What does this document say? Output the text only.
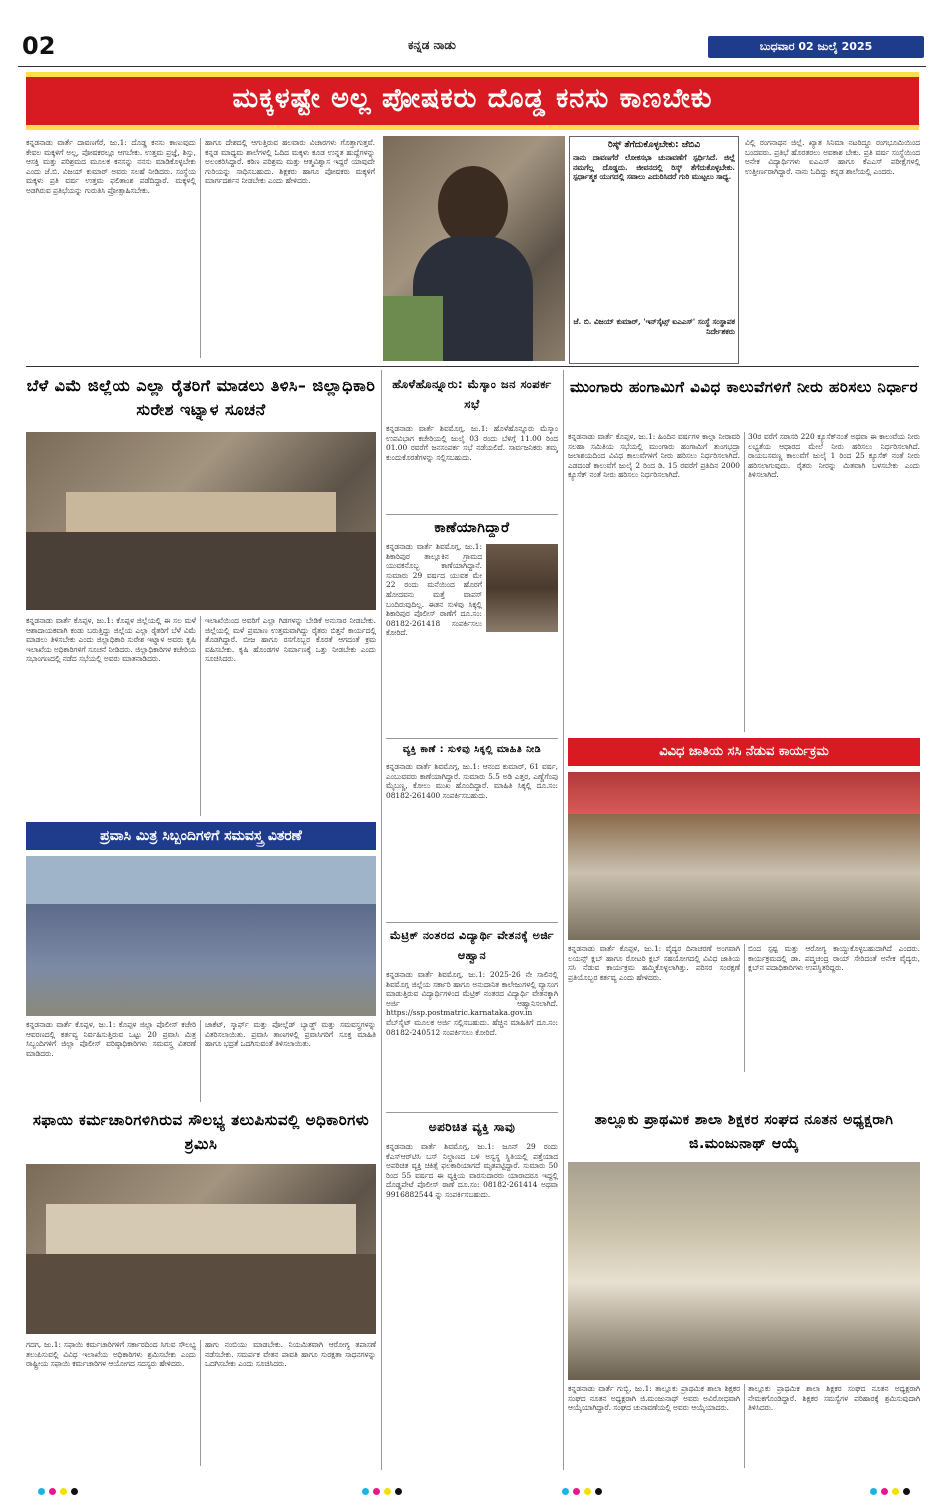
02	ಕನ್ನಡ ನಾಡು	ಬುಧವಾರ 02 ಜುಲೈ 2025
ಮಕ್ಕಳಷ್ಟೇ ಅಲ್ಲ ಪೋಷಕರು ದೊಡ್ಡ ಕನಸು ಕಾಣಬೇಕು
ಕನ್ನಡನಾಡು ವಾರ್ತೆ ದಾವಣಗೆರೆ, ಜು.1: ದೊಡ್ಡ ಕನಸು ಕಾಣುವುದು ಕೇವಲ ಮಕ್ಕಳಿಗೆ ಅಲ್ಲ, ಪೋಷಕರಲ್ಲೂ ಆಗಬೇಕು. ಉತ್ತಮ ಪ್ರಜ್ಞೆ, ಶಿಸ್ತು, ಆಸಕ್ತಿ ಮತ್ತು ಪರಿಶ್ರಮದ ಮೂಲಕ ಕನಸನ್ನು ನನಸು ಮಾಡಿಕೊಳ್ಳಬೇಕು ಎಂದು ಜೆ.ಬಿ. ವಿಜಯ್ ಕುಮಾರ್ ಅವರು ಸಲಹೆ ನೀಡಿದರು. ಸಂಸ್ಥೆಯ ಮಕ್ಕಳು ಪ್ರತಿ ವರ್ಷ ಉತ್ತಮ ಫಲಿತಾಂಶ ಪಡೆದಿದ್ದಾರೆ. ಮಕ್ಕಳಲ್ಲಿ ಅಡಗಿರುವ ಪ್ರತಿಭೆಯನ್ನು ಗುರುತಿಸಿ ಪ್ರೋತ್ಸಾಹಿಸಬೇಕು.
ಹಾಗೂ ದೇಶದಲ್ಲಿ ಆಗುತ್ತಿರುವ ಹಲವಾರು ವಿಚಾರಗಳು ಗೊತ್ತಾಗುತ್ತವೆ. ಕನ್ನಡ ಮಾಧ್ಯಮ ಶಾಲೆಗಳಲ್ಲಿ ಓದಿದ ಮಕ್ಕಳು ಕೂಡ ಉನ್ನತ ಹುದ್ದೆಗಳನ್ನು ಅಲಂಕರಿಸಿದ್ದಾರೆ. ಕಠಿಣ ಪರಿಶ್ರಮ ಮತ್ತು ಆತ್ಮವಿಶ್ವಾಸ ಇದ್ದರೆ ಯಾವುದೇ ಗುರಿಯನ್ನು ಸಾಧಿಸಬಹುದು. ಶಿಕ್ಷಕರು ಹಾಗೂ ಪೋಷಕರು ಮಕ್ಕಳಿಗೆ ಮಾರ್ಗದರ್ಶನ ನೀಡಬೇಕು ಎಂದು ಹೇಳಿದರು.
ರಿಸ್ಕ್ ತೆಗೆದುಕೊಳ್ಳಬೇಕು: ಜೆಬಿವಿ
ನಾನು ದಾವಣಗೆರೆ ಲೋಕಸಭಾ ಚುನಾವಣೆಗೆ ಸ್ಪರ್ಧಿಸಿದೆ. ಜಿಲ್ಲೆ ನಮಗೆಲ್ಲ ದೊಡ್ಡದು. ಜೀವನದಲ್ಲಿ ರಿಸ್ಕ್ ತೆಗೆದುಕೊಳ್ಳಬೇಕು. ಸ್ಪರ್ಧಾತ್ಮಕ ಯುಗದಲ್ಲಿ ಸವಾಲು ಎದುರಿಸಿದರೆ ಗುರಿ ಮುಟ್ಟಲು ಸಾಧ್ಯ.
ಜೆ. ಬಿ. ವಿಜಯ್ ಕುಮಾರ್, 'ಇನ್‌ಸೈಟ್ಸ್ ಐಎಎಸ್' ಸಂಸ್ಥೆ ಸಂಸ್ಥಾಪಕ ನಿರ್ದೇಶಕರು
ವಿಲ್ಲಿ ರಂಗನಾಥನ ಜಿಲ್ಲೆ. ಖ್ಯಾತ ಸಿನಿಮಾ ನಟರಿದ್ದೂ ರಂಗಭೂಮಿಯಿಂದ ಬಂದವರು. ಪ್ರತಿಭೆ ಹೊರತರಲು ಅವಕಾಶ ಬೇಕು. ಪ್ರತಿ ವರ್ಷ ಸಂಸ್ಥೆಯಿಂದ ಅನೇಕ ವಿದ್ಯಾರ್ಥಿಗಳು ಐಎಎಸ್ ಹಾಗೂ ಕೆಎಎಸ್ ಪರೀಕ್ಷೆಗಳಲ್ಲಿ ಉತ್ತೀರ್ಣರಾಗಿದ್ದಾರೆ. ನಾನು ಓದಿದ್ದು ಕನ್ನಡ ಶಾಲೆಯಲ್ಲಿ ಎಂದರು.
ಬೆಳೆ ವಿಮೆ ಜಿಲ್ಲೆಯ ಎಲ್ಲಾ ರೈತರಿಗೆ ಮಾಡಲು ತಿಳಿಸಿ– ಜಿಲ್ಲಾಧಿಕಾರಿ ಸುರೇಶ ಇಟ್ನಾಳ ಸೂಚನೆ
ಕನ್ನಡನಾಡು ವಾರ್ತೆ ಕೊಪ್ಪಳ, ಜು.1: ಕೊಪ್ಪಳ ಜಿಲ್ಲೆಯಲ್ಲಿ ಈ ಸಲ ಮಳೆ ಆಶಾದಾಯಕವಾಗಿ ಕಂಡು ಬರುತ್ತಿದ್ದು ಜಿಲ್ಲೆಯ ಎಲ್ಲಾ ರೈತರಿಗೆ ಬೆಳೆ ವಿಮೆ ಮಾಡಲು ತಿಳಿಸಬೇಕು ಎಂದು ಜಿಲ್ಲಾಧಿಕಾರಿ ಸುರೇಶ ಇಟ್ನಾಳ ಅವರು ಕೃಷಿ ಇಲಾಖೆಯ ಅಧಿಕಾರಿಗಳಿಗೆ ಸೂಚನೆ ನೀಡಿದರು. ಜಿಲ್ಲಾಧಿಕಾರಿಗಳ ಕಚೇರಿಯ ಸಭಾಂಗಣದಲ್ಲಿ ನಡೆದ ಸಭೆಯಲ್ಲಿ ಅವರು ಮಾತನಾಡಿದರು.
ಇಲಾಖೆಯಿಂದ ಅವರಿಗೆ ಎಲ್ಲಾ ಗಿಡಗಳನ್ನು ಬೇಡಿಕೆ ಅನುಸಾರ ನೀಡಬೇಕು. ಜಿಲ್ಲೆಯಲ್ಲಿ ಮಳೆ ಪ್ರಮಾಣ ಉತ್ತಮವಾಗಿದ್ದು ರೈತರು ಬಿತ್ತನೆ ಕಾರ್ಯದಲ್ಲಿ ತೊಡಗಿದ್ದಾರೆ. ಬೀಜ ಹಾಗೂ ರಸಗೊಬ್ಬರ ಕೊರತೆ ಆಗದಂತೆ ಕ್ರಮ ವಹಿಸಬೇಕು. ಕೃಷಿ ಹೊಂಡಗಳ ನಿರ್ಮಾಣಕ್ಕೆ ಒತ್ತು ನೀಡಬೇಕು ಎಂದು ಸೂಚಿಸಿದರು.
ಪ್ರವಾಸಿ ಮಿತ್ರ ಸಿಬ್ಬಂದಿಗಳಿಗೆ ಸಮವಸ್ತ್ರ ವಿತರಣೆ
ಕನ್ನಡನಾಡು ವಾರ್ತೆ ಕೊಪ್ಪಳ, ಜು.1: ಕೊಪ್ಪಳ ಜಿಲ್ಲಾ ಪೊಲೀಸ್ ಕಚೇರಿ ಆವರಣದಲ್ಲಿ ಕರ್ತವ್ಯ ನಿರ್ವಹಿಸುತ್ತಿರುವ ಒಟ್ಟು 20 ಪ್ರವಾಸಿ ಮಿತ್ರ ಸಿಬ್ಬಂದಿಗಳಿಗೆ ಜಿಲ್ಲಾ ಪೊಲೀಸ್ ವರಿಷ್ಠಾಧಿಕಾರಿಗಳು ಸಮವಸ್ತ್ರ ವಿತರಣೆ ಮಾಡಿದರು.
ಜಾಕೆಟ್, ಸ್ಕಾರ್ಫ್ ಮತ್ತು ಪೋಲ್ಲೆಡ್ ಬ್ಯಾಡ್ಜ್ ಮತ್ತು ಸಮವಸ್ತ್ರಗಳನ್ನು ವಿತರಿಸಲಾಯಿತು. ಪ್ರವಾಸಿ ತಾಣಗಳಲ್ಲಿ ಪ್ರವಾಸಿಗರಿಗೆ ಸೂಕ್ತ ಮಾಹಿತಿ ಹಾಗೂ ಭದ್ರತೆ ಒದಗಿಸುವಂತೆ ತಿಳಿಸಲಾಯಿತು.
ಸಫಾಯಿ ಕರ್ಮಚಾರಿಗಳಿಗಿರುವ ಸೌಲಭ್ಯ ತಲುಪಿಸುವಲ್ಲಿ ಅಧಿಕಾರಿಗಳು ಶ್ರಮಿಸಿ
ಗದಗ, ಜು.1: ಸಫಾಯಿ ಕರ್ಮಚಾರಿಗಳಿಗೆ ಸರ್ಕಾರದಿಂದ ಸಿಗುವ ಸೌಲಭ್ಯ ತಲುಪಿಸುವಲ್ಲಿ ವಿವಿಧ ಇಲಾಖೆಯ ಅಧಿಕಾರಿಗಳು ಶ್ರಮಿಸಬೇಕು ಎಂದು ರಾಷ್ಟ್ರೀಯ ಸಫಾಯಿ ಕರ್ಮಚಾರಿಗಳ ಆಯೋಗದ ಸದಸ್ಯರು ಹೇಳಿದರು.
ಹಾಗು ನಂಬಿಯು ಮಾಡಬೇಕು. ನಿಯಮಿತವಾಗಿ ಆರೋಗ್ಯ ತಪಾಸಣೆ ನಡೆಸಬೇಕು. ಸಮರ್ಪಕ ವೇತನ ಪಾವತಿ ಹಾಗೂ ಸುರಕ್ಷತಾ ಸಾಧನಗಳನ್ನು ಒದಗಿಸಬೇಕು ಎಂದು ಸೂಚಿಸಿದರು.
ಹೊಳೆಹೊನ್ನೂರು: ಮೆಸ್ಕಾಂ ಜನ ಸಂಪರ್ಕ ಸಭೆ
ಕನ್ನಡನಾಡು ವಾರ್ತೆ ಶಿವಮೊಗ್ಗ, ಜು.1: ಹೊಳೆಹೊನ್ನೂರು ಮೆಸ್ಕಾಂ ಉಪವಿಭಾಗ ಕಚೇರಿಯಲ್ಲಿ ಜುಲೈ 03 ರಂದು ಬೆಳಿಗ್ಗೆ 11.00 ರಿಂದ 01.00 ರವರೆಗೆ ಜನಸಂಪರ್ಕ ಸಭೆ ನಡೆಯಲಿದೆ. ಸಾರ್ವಜನಿಕರು ತಮ್ಮ ಕುಂದುಕೊರತೆಗಳನ್ನು ಸಲ್ಲಿಸಬಹುದು.
ಕಾಣೆಯಾಗಿದ್ದಾರೆ
ಕನ್ನಡನಾಡು ವಾರ್ತೆ ಶಿವಮೊಗ್ಗ, ಜು.1: ಶಿಕಾರಿಪುರ ತಾಲ್ಲೂಕಿನ ಗ್ರಾಮದ ಯುವಕನೊಬ್ಬ ಕಾಣೆಯಾಗಿದ್ದಾನೆ. ಸುಮಾರು 29 ವರ್ಷದ ಯುವಕ ಮೇ 22 ರಂದು ಮನೆಯಿಂದ ಹೊರಗೆ ಹೋದವನು ಮತ್ತೆ ವಾಪಸ್ ಬಂದಿರುವುದಿಲ್ಲ. ಈತನ ಸುಳಿವು ಸಿಕ್ಕಲ್ಲಿ ಶಿಕಾರಿಪುರ ಪೊಲೀಸ್ ಠಾಣೆಗೆ ದೂ.ಸಂ: 08182-261418 ಸಂಪರ್ಕಿಸಲು ಕೋರಿದೆ.
ವ್ಯಕ್ತಿ ಕಾಣೆ : ಸುಳಿವು ಸಿಕ್ಕಲ್ಲಿ ಮಾಹಿತಿ ನೀಡಿ
ಕನ್ನಡನಾಡು ವಾರ್ತೆ ಶಿವಮೊಗ್ಗ, ಜು.1: ಆನಂದ ಕುಮಾರ್, 61 ವರ್ಷ, ಎಂಬುವವರು ಕಾಣೆಯಾಗಿದ್ದಾರೆ. ಸುಮಾರು 5.5 ಅಡಿ ಎತ್ತರ, ಎಣ್ಣೆಗೆಂಪು ಮೈಬಣ್ಣ, ಕೋಲು ಮುಖ ಹೊಂದಿದ್ದಾರೆ. ಮಾಹಿತಿ ಸಿಕ್ಕಲ್ಲಿ ದೂ.ಸಂ: 08182-261400 ಸಂಪರ್ಕಿಸಬಹುದು.
ಮೆಟ್ರಿಕ್ ನಂತರದ ವಿದ್ಯಾರ್ಥಿ ವೇತನಕ್ಕೆ ಅರ್ಜಿ ಆಹ್ವಾನ
ಕನ್ನಡನಾಡು ವಾರ್ತೆ ಶಿವಮೊಗ್ಗ, ಜು.1: 2025-26 ನೇ ಸಾಲಿನಲ್ಲಿ ಶಿವಮೊಗ್ಗ ಜಿಲ್ಲೆಯ ಸರ್ಕಾರಿ ಹಾಗೂ ಅನುದಾನಿತ ಕಾಲೇಜುಗಳಲ್ಲಿ ವ್ಯಾಸಂಗ ಮಾಡುತ್ತಿರುವ ವಿದ್ಯಾರ್ಥಿಗಳಿಂದ ಮೆಟ್ರಿಕ್ ನಂತರದ ವಿದ್ಯಾರ್ಥಿ ವೇತನಕ್ಕಾಗಿ ಅರ್ಜಿ ಆಹ್ವಾನಿಸಲಾಗಿದೆ. https://ssp.postmatric.karnataka.gov.in ವೆಬ್‌ಸೈಟ್ ಮೂಲಕ ಅರ್ಜಿ ಸಲ್ಲಿಸಬಹುದು. ಹೆಚ್ಚಿನ ಮಾಹಿತಿಗೆ ದೂ.ಸಂ: 08182-240512 ಸಂಪರ್ಕಿಸಲು ಕೋರಿದೆ.
ಅಪರಿಚಿತ ವ್ಯಕ್ತಿ ಸಾವು
ಕನ್ನಡನಾಡು ವಾರ್ತೆ ಶಿವಮೊಗ್ಗ, ಜು.1: ಜೂನ್ 29 ರಂದು ಕೆಎಸ್‌ಆರ್‌ಟಿಸಿ ಬಸ್ ನಿಲ್ದಾಣದ ಬಳಿ ಅಸ್ವಸ್ಥ ಸ್ಥಿತಿಯಲ್ಲಿ ಪತ್ತೆಯಾದ ಅಪರಿಚಿತ ವ್ಯಕ್ತಿ ಚಿಕಿತ್ಸೆ ಫಲಕಾರಿಯಾಗದೆ ಮೃತಪಟ್ಟಿದ್ದಾರೆ. ಸುಮಾರು 50 ರಿಂದ 55 ವರ್ಷದ ಈ ವ್ಯಕ್ತಿಯ ವಾರಸುದಾರರು ಯಾರಾದರೂ ಇದ್ದಲ್ಲಿ ದೊಡ್ಡಪೇಟೆ ಪೊಲೀಸ್ ಠಾಣೆ ದೂ.ಸಂ: 08182-261414 ಅಥವಾ 9916882544 ನ್ನು ಸಂಪರ್ಕಿಸಬಹುದು.
ಮುಂಗಾರು ಹಂಗಾಮಿಗೆ ವಿವಿಧ ಕಾಲುವೆಗಳಿಗೆ ನೀರು ಹರಿಸಲು ನಿರ್ಧಾರ
ಕನ್ನಡನಾಡು ವಾರ್ತೆ ಕೊಪ್ಪಳ, ಜು.1: ಹಿಂದಿನ ವರ್ಷಗಳ ಕಾಲ್ಗಾ ನೀರಾವರಿ ಸಲಹಾ ಸಮಿತಿಯ ಸಭೆಯಲ್ಲಿ ಮುಂಗಾರು ಹಂಗಾಮಿಗೆ ತುಂಗಭದ್ರಾ ಜಲಾಶಯದಿಂದ ವಿವಿಧ ಕಾಲುವೆಗಳಿಗೆ ನೀರು ಹರಿಸಲು ನಿರ್ಧರಿಸಲಾಗಿದೆ. ಎಡದಂಡೆ ಕಾಲುವೆಗೆ ಜುಲೈ 2 ರಿಂದ ಡಿ. 15 ರವರೆಗೆ ಪ್ರತಿದಿನ 2000 ಕ್ಯೂಸೆಕ್ ನಂತೆ ನೀರು ಹರಿಸಲು ನಿರ್ಧರಿಸಲಾಗಿದೆ.
30ರ ವರೆಗೆ ಸರಾಸರಿ 220 ಕ್ಯೂಸೆಕ್‌ನಂತೆ ಅಥವಾ ಈ ಕಾಲುವೆಯ ನೀರು ಲಭ್ಯತೆಯ ಆಧಾರದ ಮೇಲೆ ನೀರು ಹರಿಸಲು ನಿರ್ಧರಿಸಲಾಗಿದೆ. ರಾಯಬಸವಣ್ಣ ಕಾಲುವೆಗೆ ಜುಲೈ 1 ರಿಂದ 25 ಕ್ಯೂಸೆಕ್ ನಂತೆ ನೀರು ಹರಿಸಲಾಗುವುದು. ರೈತರು ನೀರನ್ನು ಮಿತವಾಗಿ ಬಳಸಬೇಕು ಎಂದು ತಿಳಿಸಲಾಗಿದೆ.
ವಿವಿಧ ಜಾತಿಯ ಸಸಿ ನೆಡುವ ಕಾರ್ಯಕ್ರಮ
ಕನ್ನಡನಾಡು ವಾರ್ತೆ ಕೊಪ್ಪಳ, ಜು.1: ವೈದ್ಯರ ದಿನಾಚರಣೆ ಅಂಗವಾಗಿ ಲಯನ್ಸ್ ಕ್ಲಬ್ ಹಾಗೂ ರೋಟರಿ ಕ್ಲಬ್ ಸಹಯೋಗದಲ್ಲಿ ವಿವಿಧ ಜಾತಿಯ ಸಸಿ ನೆಡುವ ಕಾರ್ಯಕ್ರಮ ಹಮ್ಮಿಕೊಳ್ಳಲಾಗಿತ್ತು. ಪರಿಸರ ಸಂರಕ್ಷಣೆ ಪ್ರತಿಯೊಬ್ಬರ ಕರ್ತವ್ಯ ಎಂದು ಹೇಳಿದರು.
ಬಿಂದ ಸ್ಪಷ್ಟ ಮತ್ತು ಆರೋಗ್ಯ ಕಾಯ್ದುಕೊಳ್ಳಬಹುದಾಗಿದೆ ಎಂದರು. ಕಾರ್ಯಕ್ರಮದಲ್ಲಿ ಡಾ. ಪದ್ಮಚಂದ್ರ ರಾಯ್ ಸೇರಿದಂತೆ ಅನೇಕ ವೈದ್ಯರು, ಕ್ಲಬ್‌ನ ಪದಾಧಿಕಾರಿಗಳು ಉಪಸ್ಥಿತರಿದ್ದರು.
ತಾಲ್ಲೂಕು ಪ್ರಾಥಮಿಕ ಶಾಲಾ ಶಿಕ್ಷಕರ ಸಂಘದ ನೂತನ ಅಧ್ಯಕ್ಷರಾಗಿ ಜಿ.ಮಂಜುನಾಥ್ ಆಯ್ಕೆ
ಕನ್ನಡನಾಡು ವಾರ್ತೆ ಗುಬ್ಬಿ, ಜು.1: ತಾಲ್ಲೂಕು ಪ್ರಾಥಮಿಕ ಶಾಲಾ ಶಿಕ್ಷಕರ ಸಂಘದ ನೂತನ ಅಧ್ಯಕ್ಷರಾಗಿ ಜಿ.ಮಂಜುನಾಥ್ ಅವರು ಅವಿರೋಧವಾಗಿ ಆಯ್ಕೆಯಾಗಿದ್ದಾರೆ. ಸಂಘದ ಚುನಾವಣೆಯಲ್ಲಿ ಅವರು ಆಯ್ಕೆಯಾದರು.
ತಾಲ್ಲೂಕು ಪ್ರಾಥಮಿಕ ಶಾಲಾ ಶಿಕ್ಷಕರ ಸಂಘದ ನೂತನ ಅಧ್ಯಕ್ಷರಾಗಿ ನೇಮಕಗೊಂಡಿದ್ದಾರೆ. ಶಿಕ್ಷಕರ ಸಮಸ್ಯೆಗಳ ಪರಿಹಾರಕ್ಕೆ ಶ್ರಮಿಸುವುದಾಗಿ ತಿಳಿಸಿದರು.
